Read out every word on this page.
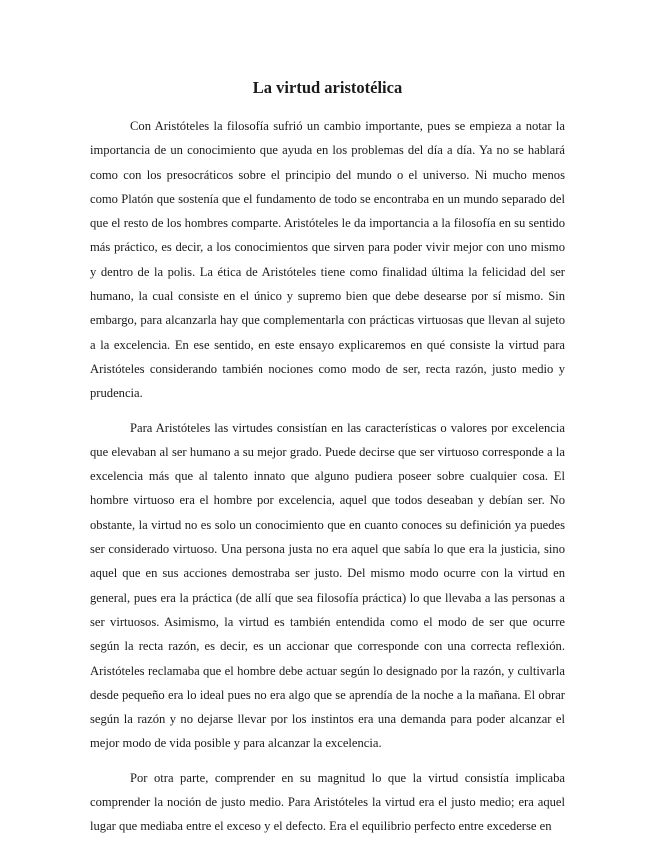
La virtud aristotélica

Con Aristóteles la filosofía sufrió un cambio importante, pues se empieza a notar la importancia de un conocimiento que ayuda en los problemas del día a día. Ya no se hablará como con los presocráticos sobre el principio del mundo o el universo. Ni mucho menos como Platón que sostenía que el fundamento de todo se encontraba en un mundo separado del que el resto de los hombres comparte. Aristóteles le da importancia a la filosofía en su sentido más práctico, es decir, a los conocimientos que sirven para poder vivir mejor con uno mismo y dentro de la polis. La ética de Aristóteles tiene como finalidad última la felicidad del ser humano, la cual consiste en el único y supremo bien que debe desearse por sí mismo. Sin embargo, para alcanzarla hay que complementarla con prácticas virtuosas que llevan al sujeto a la excelencia. En ese sentido, en este ensayo explicaremos en qué consiste la virtud para Aristóteles considerando también nociones como modo de ser, recta razón, justo medio y prudencia.

Para Aristóteles las virtudes consistían en las características o valores por excelencia que elevaban al ser humano a su mejor grado. Puede decirse que ser virtuoso corresponde a la excelencia más que al talento innato que alguno pudiera poseer sobre cualquier cosa. El hombre virtuoso era el hombre por excelencia, aquel que todos deseaban y debían ser. No obstante, la virtud no es solo un conocimiento que en cuanto conoces su definición ya puedes ser considerado virtuoso. Una persona justa no era aquel que sabía lo que era la justicia, sino aquel que en sus acciones demostraba ser justo. Del mismo modo ocurre con la virtud en general, pues era la práctica (de allí que sea filosofía práctica) lo que llevaba a las personas a ser virtuosos. Asimismo, la virtud es también entendida como el modo de ser que ocurre según la recta razón, es decir, es un accionar que corresponde con una correcta reflexión. Aristóteles reclamaba que el hombre debe actuar según lo designado por la razón, y cultivarla desde pequeño era lo ideal pues no era algo que se aprendía de la noche a la mañana. El obrar según la razón y no dejarse llevar por los instintos era una demanda para poder alcanzar el mejor modo de vida posible y para alcanzar la excelencia.

Por otra parte, comprender en su magnitud lo que la virtud consistía implicaba comprender la noción de justo medio. Para Aristóteles la virtud era el justo medio; era aquel lugar que mediaba entre el exceso y el defecto. Era el equilibrio perfecto entre excederse en
